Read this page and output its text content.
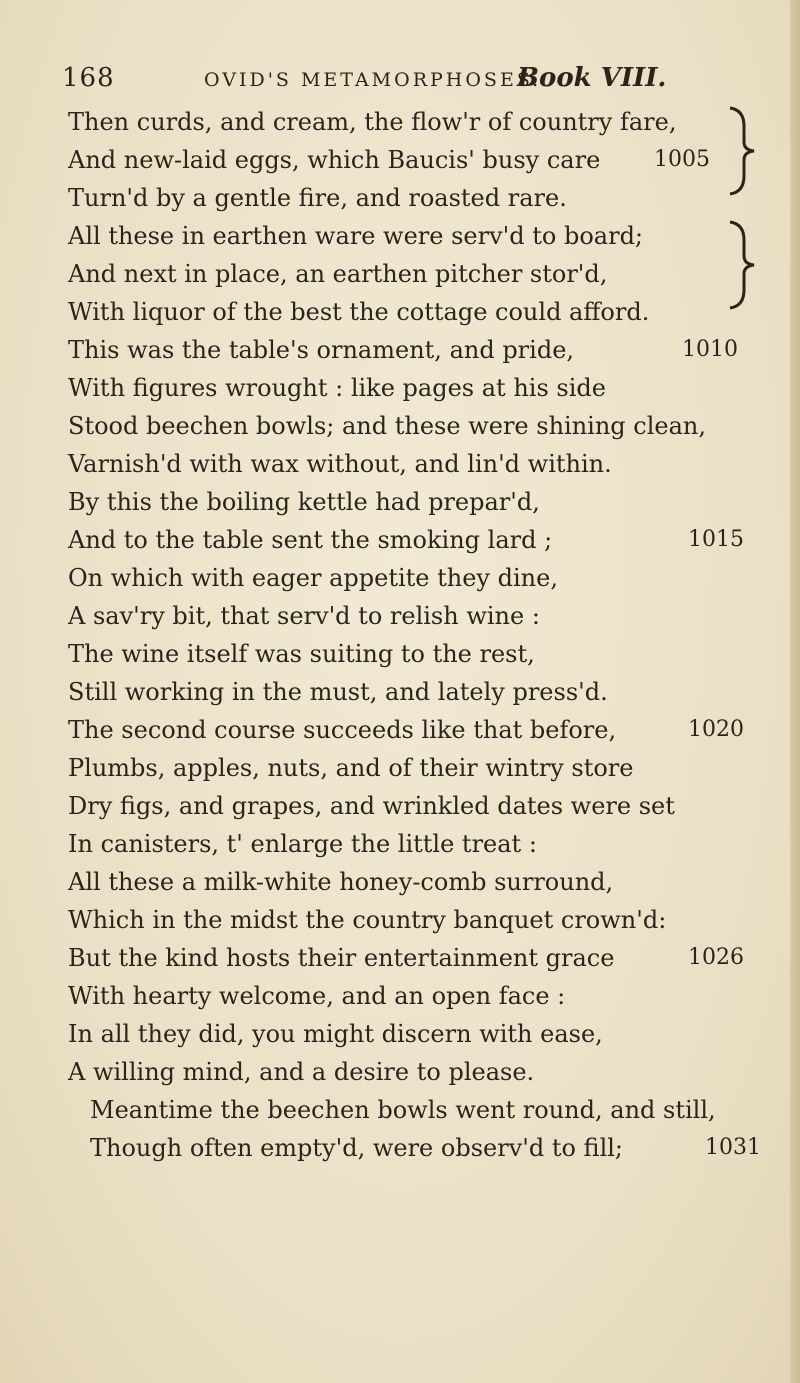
168	OVID'S METAMORPHOSES.
Book VIII.
Then curds, and cream, the flow'r of country fare,
And new-laid eggs, which Baucis' busy care
Turn'd by a gentle fire, and roasted rare.
All these in earthen ware were serv'd to board;
And next in place, an earthen pitcher stor'd,
With liquor of the best the cottage could afford.
This was the table's ornament, and pride,
With figures wrought : like pages at his side
Stood beechen bowls; and these were shining clean,
Varnish'd with wax without, and lin'd within.
By this the boiling kettle had prepar'd,
And to the table sent the smoking lard ;
On which with eager appetite they dine,
A sav'ry bit, that serv'd to relish wine :
The wine itself was suiting to the rest,
Still working in the must, and lately press'd.
The second course succeeds like that before,
Plumbs, apples, nuts, and of their wintry store
Dry figs, and grapes, and wrinkled dates were set
In canisters, t' enlarge the little treat :
All these a milk-white honey-comb surround,
Which in the midst the country banquet crown'd:
But the kind hosts their entertainment grace
With hearty welcome, and an open face :
In all they did, you might discern with ease,
A willing mind, and a desire to please.
Meantime the beechen bowls went round, and still,
Though often empty'd, were observ'd to fill;
1005
1010
1015
1020
1026
1031
